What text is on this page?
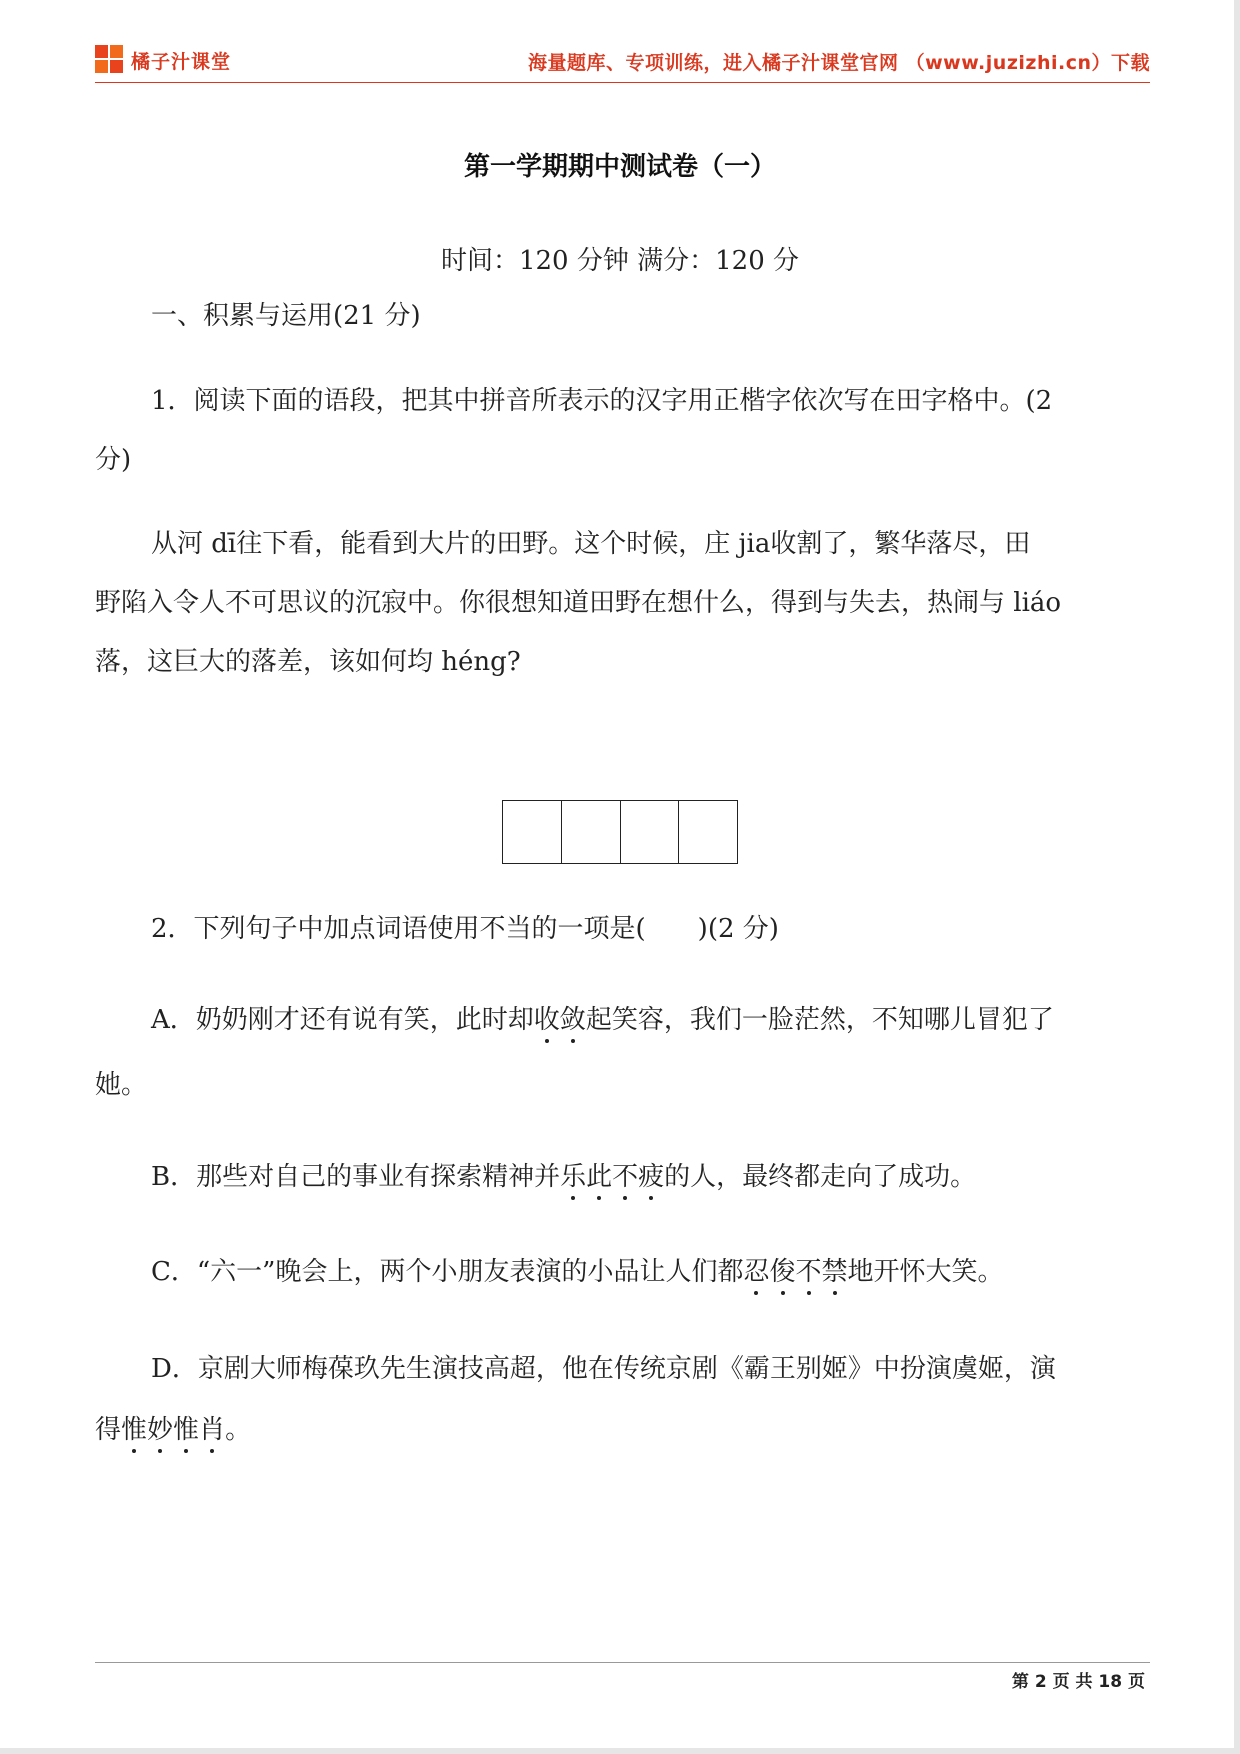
橘子汁课堂	海量题库、专项训练，进入橘子汁课堂官网 （www.juzizhi.cn）下载
第一学期期中测试卷（一）
时间：120 分钟 满分：120 分
一、积累与运用(21 分)
1．阅读下面的语段，把其中拼音所表示的汉字用正楷字依次写在田字格中。(2
分)
从河 dī往下看，能看到大片的田野。这个时候，庄 jia收割了，繁华落尽，田
野陷入令人不可思议的沉寂中。你很想知道田野在想什么，得到与失去，热闹与 liáo
落，这巨大的落差，该如何均 héng?
2．下列句子中加点词语使用不当的一项是(　　)(2 分)
A．奶奶刚才还有说有笑，此时却收敛起笑容，我们一脸茫然，不知哪儿冒犯了
她。
B．那些对自己的事业有探索精神并乐此不疲的人，最终都走向了成功。
C．“六一”晚会上，两个小朋友表演的小品让人们都忍俊不禁地开怀大笑。
D．京剧大师梅葆玖先生演技高超，他在传统京剧《霸王别姬》中扮演虞姬，演
得惟妙惟肖。
第 2 页 共 18 页
